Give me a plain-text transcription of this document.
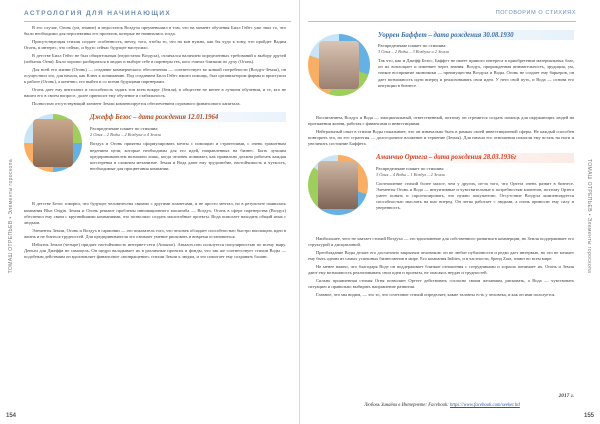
АСТРОЛОГИЯ ДЛЯ НАЧИНАЮЩИХ
ТОМАШ ОТРЕПЬЕВ • Элементы гороскопа

В его случае, Огонь (ум, знание) и недостаток Воздуха преуменьшил в том, что на момент обучения Билл Гейтс уже знал то, что было необходимо для перспективы его проектов, которые не начинались тогда.

Присутствующая стихия создает особенность, мечту, того, чтобы то, что на кон нужно, как бы чудо к тому, что пройдет Вадим Огонь, и интерес, что сейчас, и будто сейчас будущее наступило.

В детстве Билл Гейтс не был общительным (недостаток Воздуха), отличался наличием определенных требований к выбору друзей (избыток Огня). Было хорошо разбираться в людях и выборе себе в партнеры тех, кого считал близким по духу (Огонь).

Для всей его жизни (Огонь) — создание коммерческого обеспечения — соответствует во конкой потребности (Воздух-Земля), он осуществил это, для начала, как Ключ к пониманию. Под созданием Билл Гейтс нашел помощь, был организатором фирмы и приступил к работе (Огонь), а конечно, его выйти и со всеми будущими партнерами.

Огонь дает ему интеллект и способность задать тон всем вокруг (Земля), в обществе не менее в лучшем обучении, и те, кто не нашел его в своем вопросе, далее приносит ему обучение и стабильность.

Полностью отсутствующий элемент Земли компенсируется обеспечением огромного финансового капитала.

Джефф Безос – дата рождения 12.01.1964
Распределение планет по стихиям:
2 Огня – 2 Воды – 2 Воздуха и 4 Земли
Воздух и Огонь приятны сформулировать мечты с помощью и стратегиями, с очень грамотным ведением цели, которые необходимы для его идей, направленных на бизнес. Быть лучшим предпринимателем возможно лишь, когда человек понимает, как правильно должна работать каждая шестеренка в сложном механизме. Земля и Вода дают ему трудолюбие, настойчивость и чуткость, необходимые для процветания компании.

В детстве Безос говорил, что будущее человечества связано с другими планетами, и не просто мечтал, но в результате появилась компания Blue Origin. Земля и Огонь решают проблемы инновационного масштаба — Воздух. Огонь в сфере партнерства (Воздух) обеспечил ему связи с крупнейшими компаниями, что позволило создать масштабные проекты. Вода помогает находить общий язык с людьми.

Элементы Земли, Огонь и Воздух в гармонии — это показатель того, что человек обладает способностью быстро воплощать идеи в жизнь и не бояться трудностей. Для предпринимателя это означает умение рисковать и вовремя остановиться.

Избыток Земли (четыре) придает настойчивость интернет-сети (Amazon). Amazon.com пользуется популярностью по всему миру. Деньги для Джеффа не самоцель. Он щедро вкладывает их в различные проекты и фонды, что так же соответствует стихии Воды — подобным действиям он вдохновляет финансовое «возвращение» стихии Земли к людям, и это помогает ему сохранять баланс.

154
ПОГОВОРИМ О СТИХИЯХ
ТОМАШ ОТРЕПЬЕВ • Элементы гороскопа
Уоррен Баффет – дата рождения 30.08.1930
Распределение планет по стихиям:
3 Огня – 2 Воды – 3 Воздуха и 2 Земли
Так что, как и Джефф Безос, Баффет не имеет прямого интереса в приобретении материальных благ, он их воплощает и изменяет через знания. Воздух, прирожденная внимательность, эрудиция, ум, тонкое восприятие экономики — преимущества Воздуха и Воды. Огонь не создает ему барьеров, он дает возможность идти вперед и реализовывать свои идеи. У него свой путь, и Вода — основа его интуиции в бизнесе.

Воспитанием, Воздух и Вода — эмоциональный, ответственный, поэтому он стремится создать помощь для окружающих людей на протяжении жизни, работая с финансами и инвестициями.

Нейтральный опыт в стихии Воды показывает, что он изначально быть в рамках своей инвестиционной сферы. Не каждый способен повторить это, но его стратегия — долгосрочное вложение и терпение (Земля). Для начала его отношения помогли ему встать на ноги и увеличить состояние Баффета.

Аманчио Ортега – дата рождения 28.03.1936г
Распределение планет по стихиям:
3 Огня – 4 Воды – 1 Воздух – 2 Земли
Соотношение стихий более малое, чем у других, из-за того, что Ортега очень развит в бизнесе. Элементы Огонь и Вода — интуитивные и чувствительные к потребностям клиентов, поэтому Ортега умеет понять и спрогнозировать, что нужно покупателю. Отсутствие Воздуха компенсируется способностью мыслить на шаг вперед. Он легко работает с людьми, а огонь приносит ему силу и уверенность.

Наибольшее, чего не хватает стихий Воздуха — это вдохновение для собственного развития в коммерции, но Земля поддерживает его структурой и дисциплиной.

Преобладание Воды делает его достаточно закрытым человеком: он не любит публичности и редко дает интервью, но это не мешает ему быть одним из самых успешных бизнесменов в мире. Его компания Inditex, и в частности, бренд Zara, знают во всем мире.

Не менее важно, что благодаря Воде он поддерживает близкие отношения с сотрудниками и хорошо понимает их. Огонь и Земля дают ему возможность реализовывать свои идеи и проекты, не опасаясь неудач и трудностей.

Сильно проявленная стихия Огня позволяет Ортеге действовать согласно своим желаниям, рисковать, а Вода — чувствовать ситуацию и правильно выбирать направление развития.

Главное, что мы видим, — это то, что сочетание стихий определяет, какие таланты есть у человека, и как он ими пользуется.

2017 г.
Любовь Зинаёва в Интернете: Facebook: https://www.facebook.com/seeker.ltd
155
